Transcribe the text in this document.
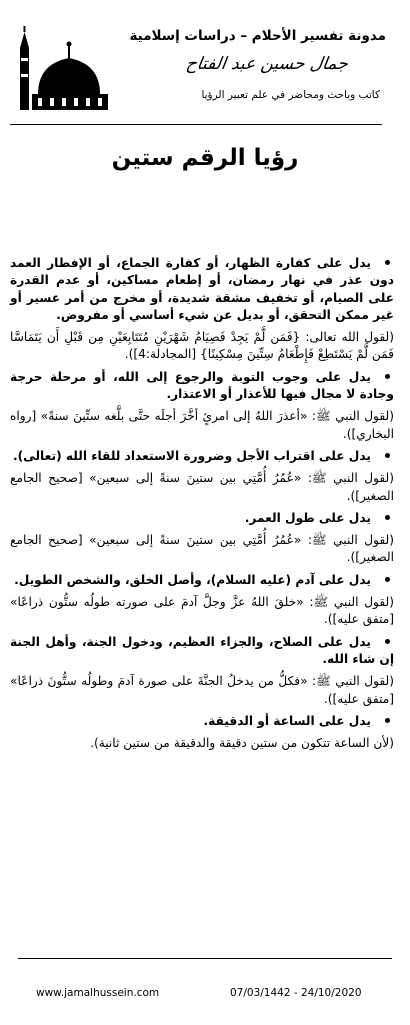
مدونة تفسير الأحلام – دراسات إسلامية
جمال حسين عبد الفتاح
كاتب وباحث ومحاضر في علم تعبير الرؤيا
رؤيا الرقم ستين

يدل على كفارة الظهار، أو كفارة الجماع، أو الإفطار العمد دون عذر في نهار رمضان، أو إطعام مساكين، أو عدم القدرة على الصيام، أو تخفيف مشقة شديدة، أو مخرج من أمر عسير أو غير ممكن التحقق، أو بديل عن شيء أساسي أو مفروض.

(لقول الله تعالى: {فَمَن لَّمْ يَجِدْ فَصِيَامُ شَهْرَيْنِ مُتَتَابِعَيْنِ مِن قَبْلِ أَن يَتَمَاسَّا فَمَن لَّمْ يَسْتَطِعْ فَإِطْعَامُ سِتِّينَ مِسْكِينًا} [المجادلة:4]).

يدل على وجوب التوبة والرجوع إلى الله، أو مرحلة حرجة وجادة لا مجال فيها للأعذار أو الاعتذار.

(لقول النبي ﷺ: «أعذرَ اللهُ إلى امرئٍ أخَّرَ أجلَه حتَّى بلَّغه ستِّينَ سنةً» [رواه البخاري]).

يدل على اقتراب الأجل وضرورة الاستعداد للقاء الله (تعالى).

(لقول النبي ﷺ: «عُمُرُ أُمَّتِي بين ستينَ سنةً إلى سبعين» [صحيح الجامع الصغير]).

يدل على طول العمر.

(لقول النبي ﷺ: «عُمُرُ أُمَّتِي بين ستينَ سنةً إلى سبعين» [صحيح الجامع الصغير]).

يدل على آدم (عليه السلام)، وأصل الخلق، والشخص الطويل.

(لقول النبي ﷺ: «خلقَ اللهُ عزَّ وجلَّ آدمَ على صورته طولُه ستُّون ذراعًا» [متفق عليه]).

يدل على الصلاح، والجزاء العظيم، ودخول الجنة، وأهل الجنة إن شاء الله.

(لقول النبي ﷺ: «فكلُّ من يدخلُ الجنَّةَ على صورة آدمَ وطولُه ستُّونَ ذراعًا» [متفق عليه]).

يدل على الساعة أو الدقيقة.

(لأن الساعة تتكون من ستين دقيقة والدقيقة من ستين ثانية).

www.jamalhussein.com	07/03/1442 - 24/10/2020
